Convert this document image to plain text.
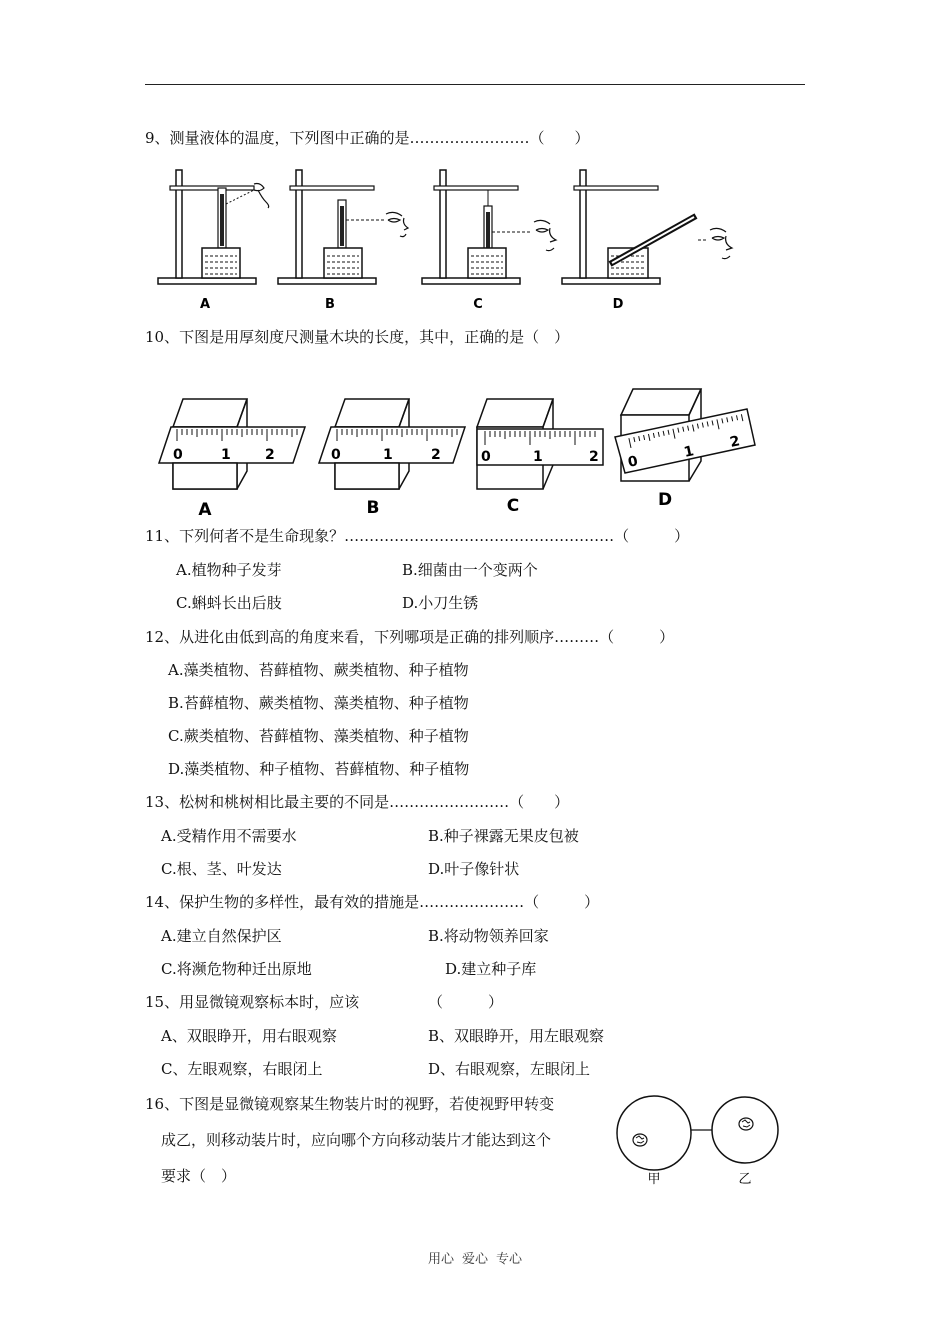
9、测量液体的温度，下列图中正确的是……………………（　　）
A	B	C	D
10、下图是用厚刻度尺测量木块的长度，其中，正确的是（　）
0	1 2
A
0	1	2
B
0	1	2
C
0
1
2
D
11、下列何者不是生命现象？………………………………………………（　　　）
A.植物种子发芽	B.细菌由一个变两个
C.蝌蚪长出后肢	D.小刀生锈
12、从进化由低到高的角度来看，下列哪项是正确的排列顺序………（　　　）
A.藻类植物、苔藓植物、蕨类植物、种子植物
B.苔藓植物、蕨类植物、藻类植物、种子植物
C.蕨类植物、苔藓植物、藻类植物、种子植物
D.藻类植物、种子植物、苔藓植物、种子植物
13、松树和桃树相比最主要的不同是……………………（　　）
A.受精作用不需要水	B.种子裸露无果皮包被
C.根、茎、叶发达	D.叶子像针状
14、保护生物的多样性，最有效的措施是…………………（　　　）
A.建立自然保护区	B.将动物领养回家
C.将濒危物种迁出原地	D.建立种子库
15、用显微镜观察标本时，应该	（　　　）
A、双眼睁开，用右眼观察	B、双眼睁开，用左眼观察
C、左眼观察，右眼闭上	D、右眼观察，左眼闭上
16、下图是显微镜观察某生物装片时的视野，若使视野甲转变
成乙，则移动装片时，应向哪个方向移动装片才能达到这个
要求（　）	甲	乙
用心 爱心 专心
